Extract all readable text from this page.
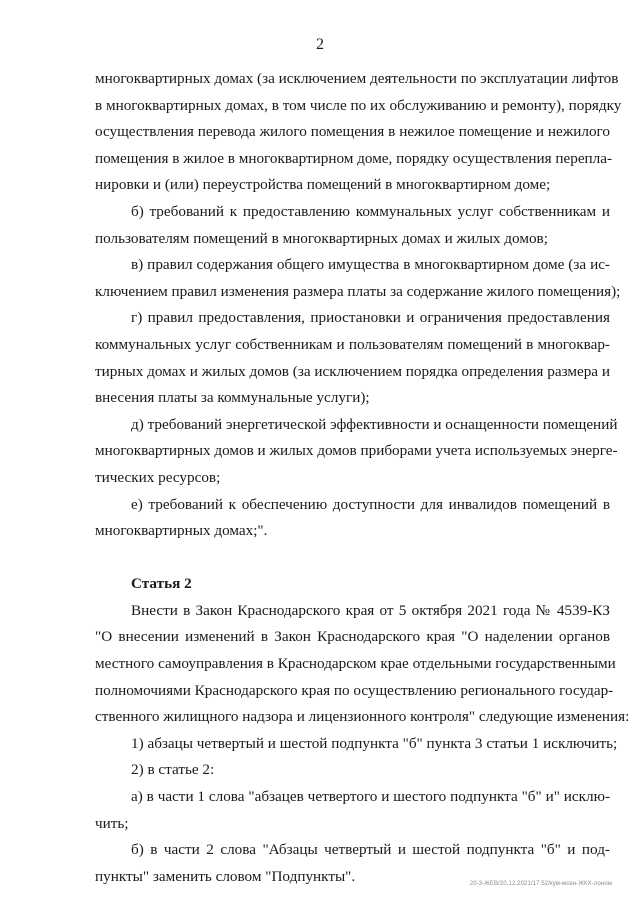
2
многоквартирных домах (за исключением деятельности по эксплуатации лифтов
в многоквартирных домах, в том числе по их обслуживанию и ремонту), порядку
осуществления перевода жилого помещения в нежилое помещение и нежилого
помещения в жилое в многоквартирном доме, порядку осуществления перепла-
нировки и (или) переустройства помещений в многоквартирном доме;
б) требований к предоставлению коммунальных услуг собственникам и
пользователям помещений в многоквартирных домах и жилых домов;
в) правил содержания общего имущества в многоквартирном доме (за ис-
ключением правил изменения размера платы за содержание жилого помещения);
г) правил предоставления, приостановки и ограничения предоставления
коммунальных услуг собственникам и пользователям помещений в многоквар-
тирных домах и жилых домов (за исключением порядка определения размера и
внесения платы за коммунальные услуги);
д) требований энергетической эффективности и оснащенности помещений
многоквартирных домов и жилых домов приборами учета используемых энерге-
тических ресурсов;
е) требований к обеспечению доступности для инвалидов помещений в
многоквартирных домах;".
Статья 2
Внести в Закон Краснодарского края от 5 октября 2021 года № 4539-КЗ
"О внесении изменений в Закон Краснодарского края "О наделении органов
местного самоуправления в Краснодарском крае отдельными государственными
полномочиями Краснодарского края по осуществлению регионального государ-
ственного жилищного надзора и лицензионного контроля" следующие изменения:
1) абзацы четвертый и шестой подпункта "б" пункта 3 статьи 1 исключить;
2) в статье 2:
а) в части 1 слова "абзацев четвертого и шестого подпункта "б" и" исклю-
чить;
б) в части 2 слова "Абзацы четвертый и шестой подпункта "б" и под-
пункты" заменить словом "Подпункты".	20-3-ЖЕВ/20.12.2021/17.52/кум-мсен-ЖКХ-лоном
